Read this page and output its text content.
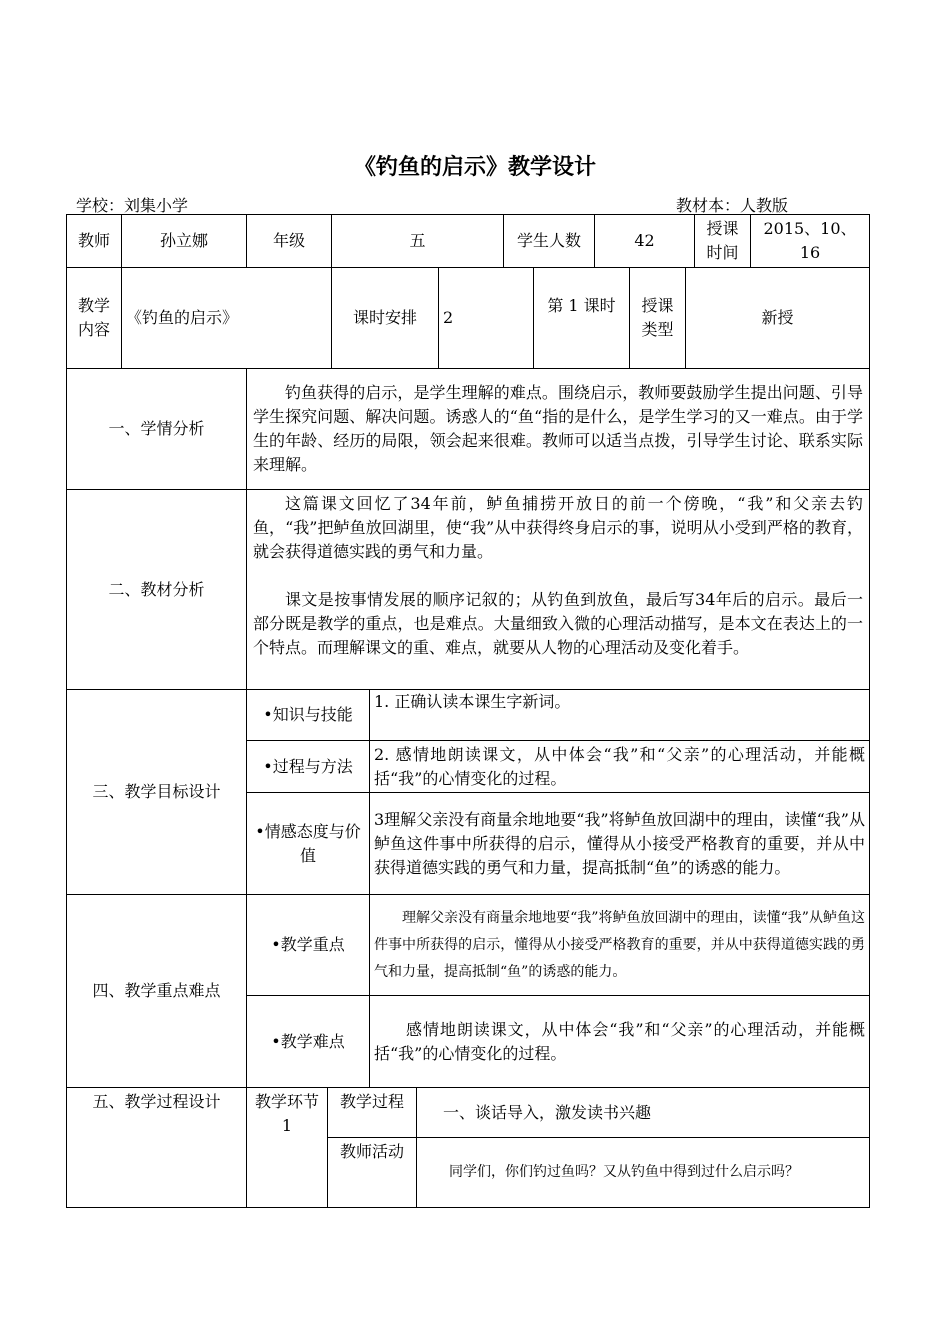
《钓鱼的启示》教学设计
学校：刘集小学	教材本：人教版
教师	孙立娜	年级	五	学生人数	42	授课时间	2015、10、16
教学内容	《钓鱼的启示》	课时安排	2	第 1 课时	授课类型	新授
一、学情分析	钓鱼获得的启示，是学生理解的难点。围绕启示，教师要鼓励学生提出问题、引导学生探究问题、解决问题。诱惑人的“鱼“指的是什么，是学生学习的又一难点。由于学生的年龄、经历的局限，领会起来很难。教师可以适当点拨，引导学生讨论、联系实际来理解。			
二、教材分析	这篇课文回忆了34年前，鲈鱼捕捞开放日的前一个傍晚，“我”和父亲去钓鱼，“我”把鲈鱼放回湖里，使“我”从中获得终身启示的事，说明从小受到严格的教育，就会获得道德实践的勇气和力量。
课文是按事情发展的顺序记叙的；从钓鱼到放鱼，最后写34年后的启示。最后一部分既是教学的重点，也是难点。大量细致入微的心理活动描写，是本文在表达上的一个特点。而理解课文的重、难点，就要从人物的心理活动及变化着手。			

三、教学目标设计	•知识与技能		1. 正确认读本课生字新词。	
	•过程与方法		2. 感情地朗读课文，从中体会“我”和“父亲”的心理活动，并能概括“我”的心情变化的过程。	
	•情感态度与价值		3理解父亲没有商量余地地要“我”将鲈鱼放回湖中的理由，读懂“我”从鲈鱼这件事中所获得的启示，懂得从小接受严格教育的重要，并从中获得道德实践的勇气和力量，提高抵制“鱼”的诱惑的能力。	
四、教学重点难点	•教学重点		理解父亲没有商量余地地要“我”将鲈鱼放回湖中的理由，读懂“我”从鲈鱼这件事中所获得的启示，懂得从小接受严格教育的重要，并从中获得道德实践的勇气和力量，提高抵制“鱼”的诱惑的能力。	
	•教学难点		感情地朗读课文，从中体会“我”和“父亲”的心理活动，并能概括“我”的心情变化的过程。	
五、教学过程设计	教学环节1	教学过程		一、谈话导入，激发读书兴趣
		教师活动		同学们，你们钓过鱼吗？又从钓鱼中得到过什么启示吗？
